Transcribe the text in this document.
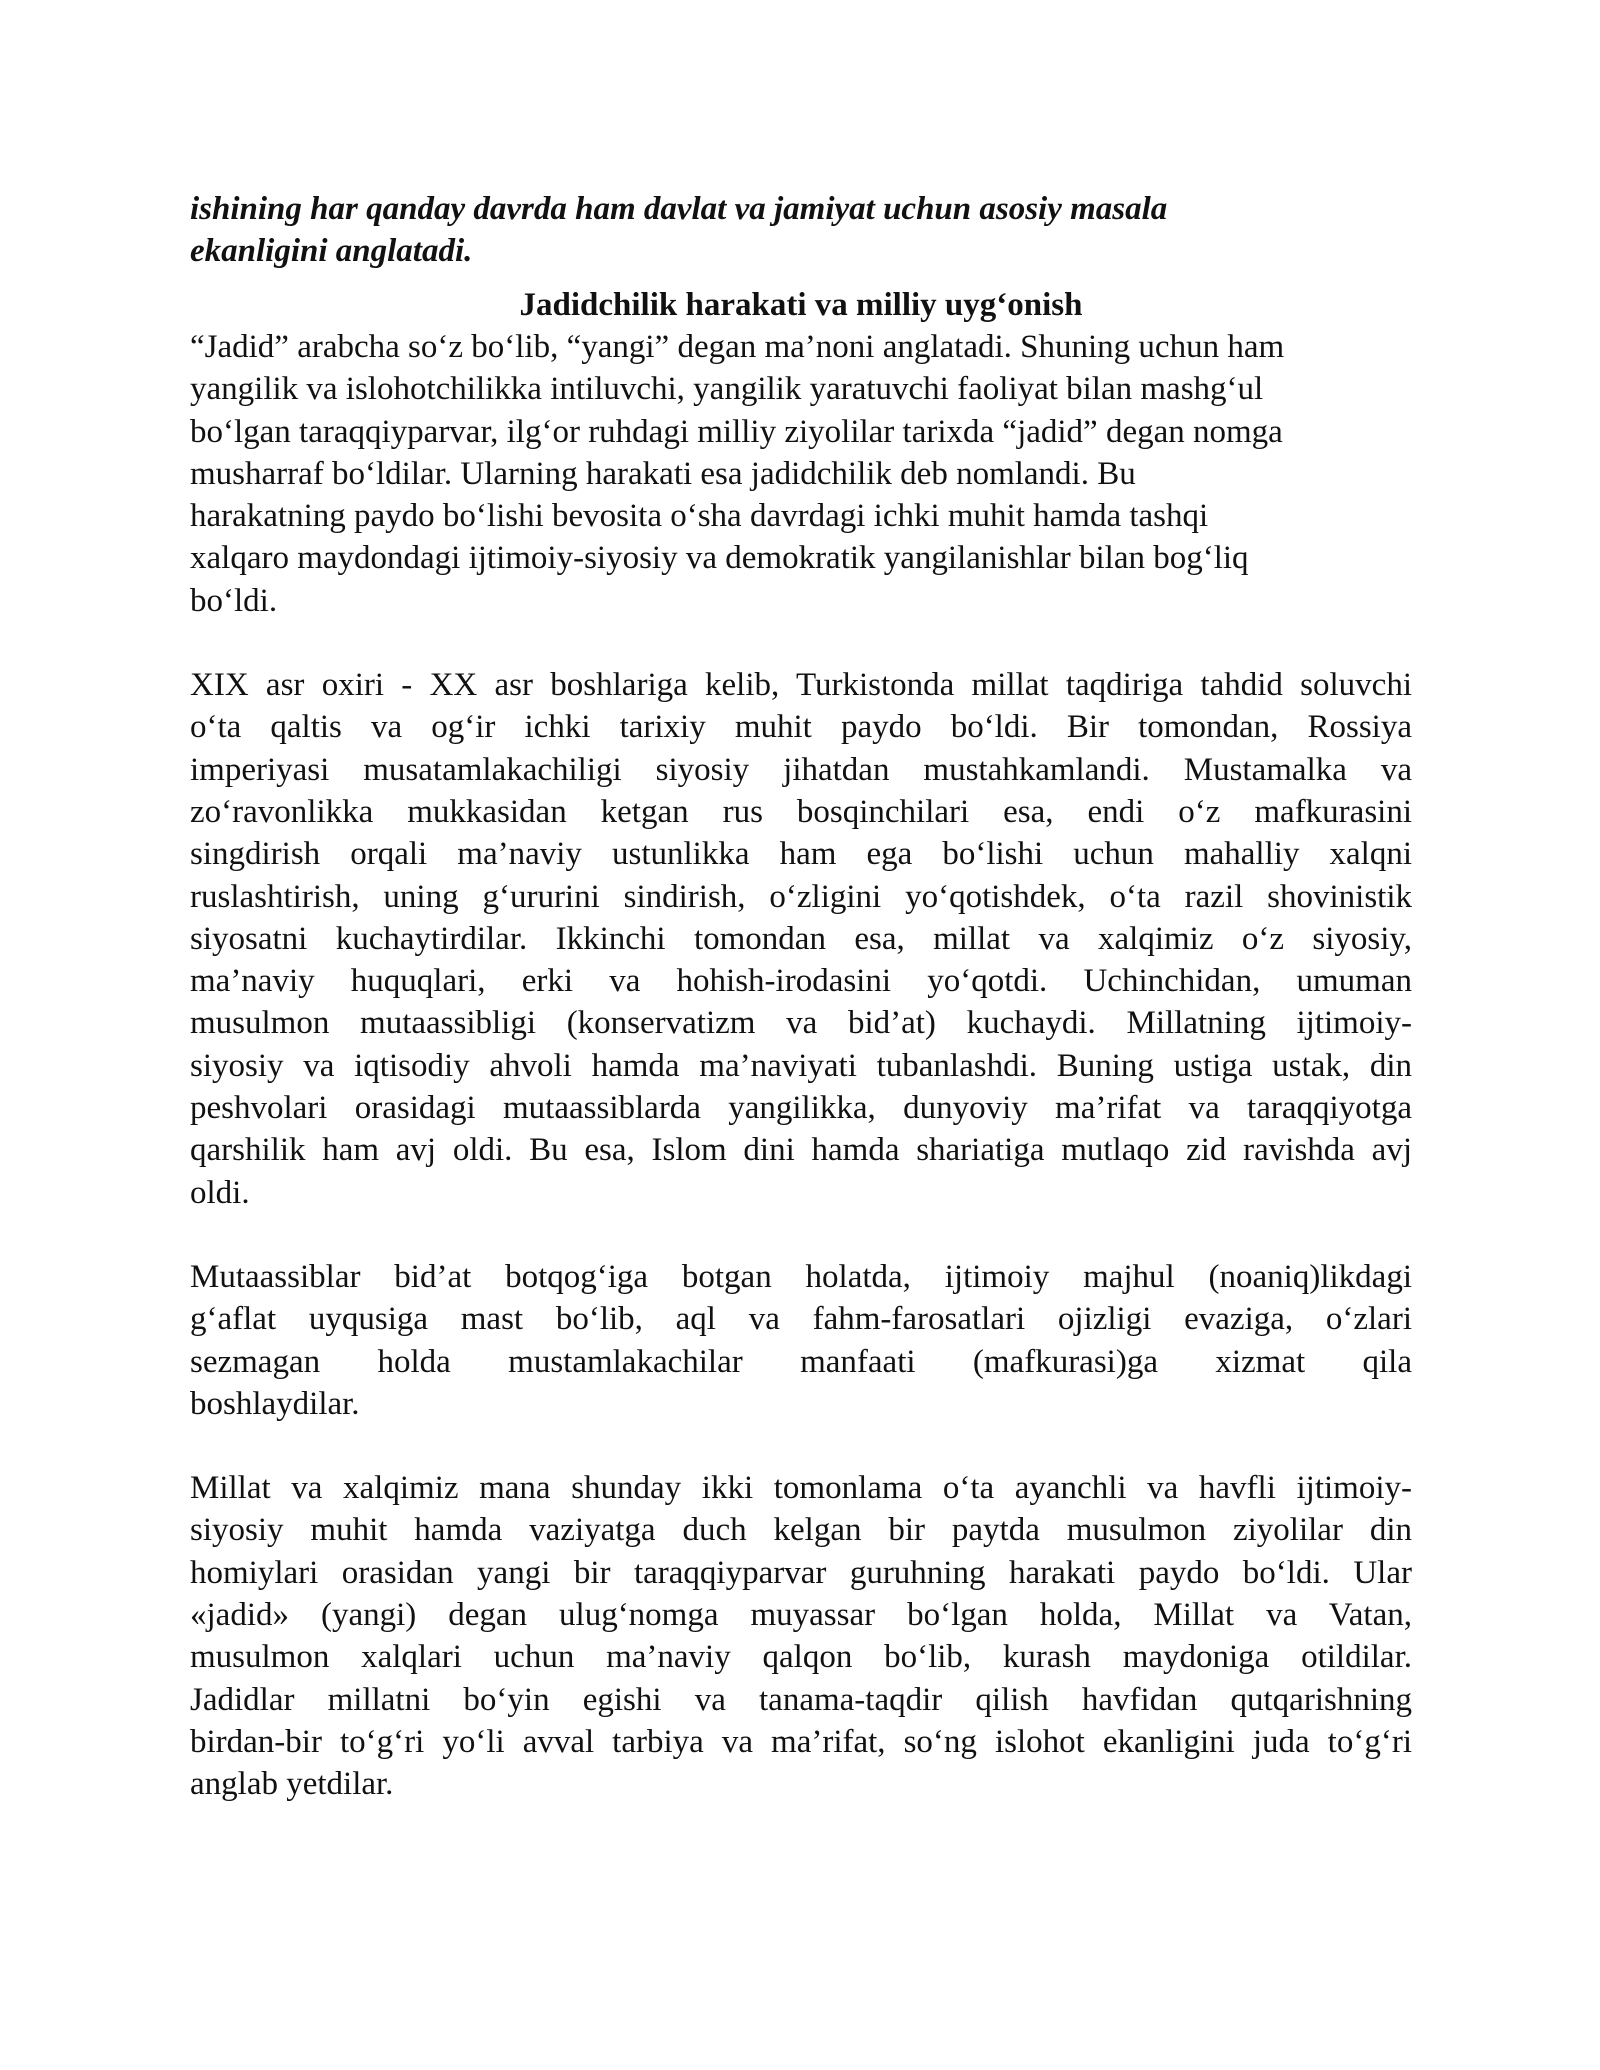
ishining har qanday davrda ham davlat va jamiyat uchun asosiy masala
ekanligini anglatadi.

Jadidchilik harakati va milliy uyg‘onish

“Jadid” arabcha so‘z bo‘lib, “yangi” degan ma’noni anglatadi. Shuning uchun ham
yangilik va islohotchilikka intiluvchi, yangilik yaratuvchi faoliyat bilan mashg‘ul
bo‘lgan taraqqiyparvar, ilg‘or ruhdagi milliy ziyolilar tarixda “jadid” degan nomga
musharraf bo‘ldilar. Ularning harakati esa jadidchilik deb nomlandi. Bu
harakatning paydo bo‘lishi bevosita o‘sha davrdagi ichki muhit hamda tashqi
xalqaro maydondagi ijtimoiy-siyosiy va demokratik yangilanishlar bilan bog‘liq
bo‘ldi.

XIX asr oxiri - XX asr boshlariga kelib, Turkistonda millat taqdiriga tahdid soluvchi
o‘ta qaltis va og‘ir ichki tarixiy muhit paydo bo‘ldi. Bir tomondan, Rossiya
imperiyasi musatamlakachiligi siyosiy jihatdan mustahkamlandi. Mustamalka va
zo‘ravonlikka mukkasidan ketgan rus bosqinchilari esa, endi o‘z mafkurasini
singdirish orqali ma’naviy ustunlikka ham ega bo‘lishi uchun mahalliy xalqni
ruslashtirish, uning g‘ururini sindirish, o‘zligini yo‘qotishdek, o‘ta razil shovinistik
siyosatni kuchaytirdilar. Ikkinchi tomondan esa, millat va xalqimiz o‘z siyosiy,
ma’naviy huquqlari, erki va hohish-irodasini yo‘qotdi. Uchinchidan, umuman
musulmon mutaassibligi (konservatizm va bid’at) kuchaydi. Millatning ijtimoiy-
siyosiy va iqtisodiy ahvoli hamda ma’naviyati tubanlashdi. Buning ustiga ustak, din
peshvolari orasidagi mutaassiblarda yangilikka, dunyoviy ma’rifat va taraqqiyotga
qarshilik ham avj oldi. Bu esa, Islom dini hamda shariatiga mutlaqo zid ravishda avj
oldi.

Mutaassiblar bid’at botqog‘iga botgan holatda, ijtimoiy majhul (noaniq)likdagi
g‘aflat uyqusiga mast bo‘lib, aql va fahm-farosatlari ojizligi evaziga, o‘zlari
sezmagan holda mustamlakachilar manfaati (mafkurasi)ga xizmat qila
boshlaydilar.

Millat va xalqimiz mana shunday ikki tomonlama o‘ta ayanchli va havfli ijtimoiy-
siyosiy muhit hamda vaziyatga duch kelgan bir paytda musulmon ziyolilar din
homiylari orasidan yangi bir taraqqiyparvar guruhning harakati paydo bo‘ldi. Ular
«jadid» (yangi) degan ulug‘nomga muyassar bo‘lgan holda, Millat va Vatan,
musulmon xalqlari uchun ma’naviy qalqon bo‘lib, kurash maydoniga otildilar.
Jadidlar millatni bo‘yin egishi va tanama-taqdir qilish havfidan qutqarishning
birdan-bir to‘g‘ri yo‘li avval tarbiya va ma’rifat, so‘ng islohot ekanligini juda to‘g‘ri
anglab yetdilar.
